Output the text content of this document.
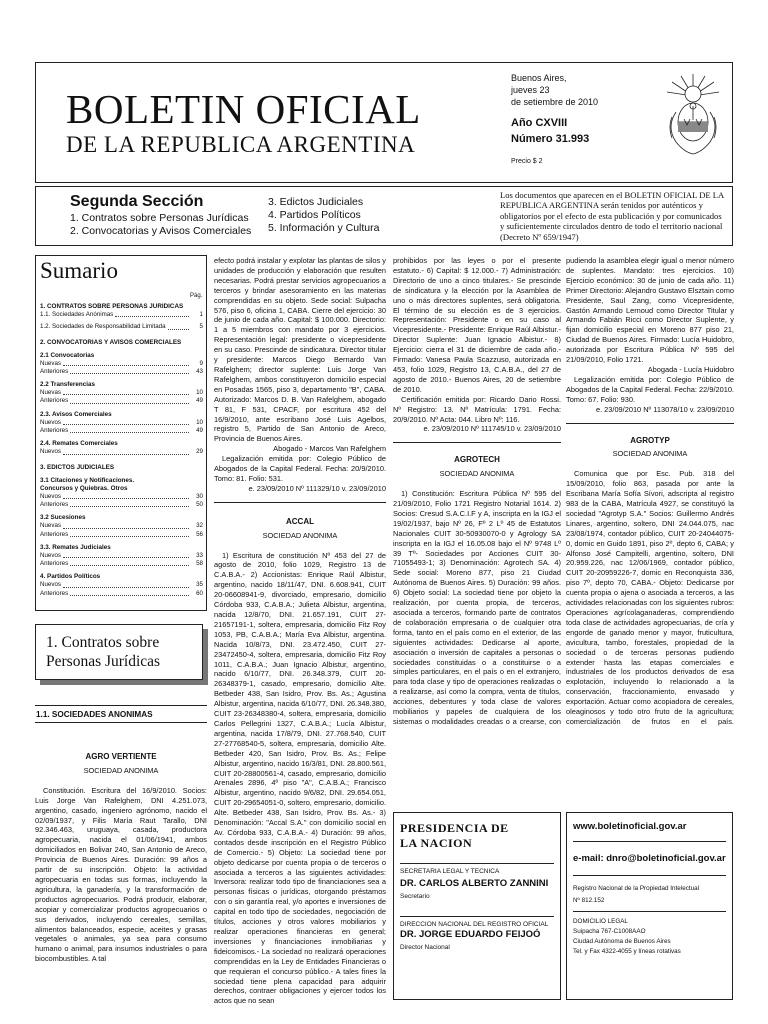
BOLETIN OFICIAL
DE LA REPUBLICA ARGENTINA
Buenos Aires,
jueves 23
de setiembre de 2010
Año CXVIII
Número 31.993
Precio $ 2
Segunda Sección
1. Contratos sobre Personas Jurídicas
2. Convocatorias y Avisos Comerciales
3. Edictos Judiciales
4. Partidos Políticos
5. Información y Cultura
Los documentos que aparecen en el BOLETIN OFICIAL DE LA REPUBLICA ARGENTINA serán tenidos por auténticos y obligatorios por el efecto de esta publicación y por comunicados y suficientemente circulados dentro de todo el territorio nacional (Decreto Nº 659/1947)
Sumario
Pág.
1. CONTRATOS SOBRE PERSONAS JURIDICAS
1.1. Sociedades Anónimas	1
1.2. Sociedades de Responsabilidad Limitada	5
2. CONVOCATORIAS Y AVISOS COMERCIALES
2.1 Convocatorias
Nuevas	9
Anteriores	43
2.2 Transferencias
Nuevas	10
Anteriores	49
2.3. Avisos Comerciales
Nuevos	10
Anteriores	49
2.4. Remates Comerciales
Nuevos	29
3. EDICTOS JUDICIALES
3.1 Citaciones y Notificaciones. Concursos y Quiebras. Otros
Nuevos	30
Anteriores	50
3.2 Sucesiones
Nuevas	32
Anteriores	56
3.3. Remates Judiciales
Nuevos	33
Anteriores	58
4. Partidos Políticos
Nuevos	35
Anteriores	60
1. Contratos sobre
Personas Jurídicas
1.1. SOCIEDADES ANONIMAS
AGRO VERTIENTE
SOCIEDAD ANONIMA

Constitución. Escritura del 16/9/2010. Socios: Luis Jorge Van Rafelghem, DNI 4.251.073, argentino, casado, ingeniero agrónomo, nacido el 02/09/1937, y Filis María Raut Tarallo, DNI 92.346.463, uruguaya, casada, productora agropecuaria, nacida el 01/06/1941, ambos domiciliados en Bolivar 240, San Antonio de Areco, Provincia de Buenos Aires. Duración: 99 años a partir de su inscripción. Objeto: la actividad agropecuaria en todas sus formas, incluyendo la agricultura, la ganadería, y la transformación de productos agropecuarios. Podrá producir, elaborar, acopiar y comercializar productos agropecuarios o sus derivados, incluyendo cereales, semillas, alimentos balanceados, especie, aceites y grasas vegetales o animales, ya sea para consumo humano o animal, para insumos industriales o para biocombustibles. A tal

efecto podrá instalar y explotar las plantas de silos y unidades de producción y elaboración que resulten necesarias. Podrá prestar servicios agropecuarios a terceros y brindar asesoramiento en las materias comprendidas en su objeto. Sede social: Sulpacha 576, piso 6, oficina 1, CABA. Cierre del ejercicio: 30 de junio de cada año. Capital: $ 100.000. Directorio: 1 a 5 miembros con mandato por 3 ejercicios. Representación legal: presidente o vicepresidente en su caso. Prescinde de sindicatura. Director titular y presidente: Marcos Diego Bernardo Van Rafelghem; director suplente: Luis Jorge Van Rafelghem, ambos constituyeron domicilio especial en Posadas 1565, piso 3, departamento "B", CABA. Autorizado: Marcos D. B. Van Rafelghem, abogado T 81, F 531, CPACF, por escritura 452 del 16/9/2010, ante escribano José Luis Agelbos, registro 5, Partido de San Antonio de Areco, Provincia de Buenos Aires.

Abogado - Marcos Van Rafelghem

Legalización emitida por: Colegio Público de Abogados de la Capital Federal. Fecha: 20/9/2010. Tomo: 81. Folio: 531.

e. 23/09/2010 Nº 111329/10 v. 23/09/2010

ACCAL
SOCIEDAD ANONIMA

1) Escritura de constitución Nº 453 del 27 de agosto de 2010, folio 1029, Registro 13 de C.A.B.A.- 2) Accionistas: Enrique Raúl Albistur, argentino, nacido 18/11/47, DNI. 6.608.941, CUIT 20-06608941-9, divorciado, empresario, domicilio Córdoba 933, C.A.B.A.; Julieta Albistur, argentina, nacida 12/8/70, DNI. 21.657.191, CUIT 27-21657191-1, soltera, empresaria, domicilio Fitz Roy 1053, PB, C.A.B.A.; María Eva Albistur, argentina. Nacida 10/8/73, DNI. 23.472.450, CUIT 27-23472450-4, soltera, empresaria, domicilio Fitz Roy 1011, C.A.B.A.; Juan Ignacio Albistur, argentino, nacido 6/10/77, DNI. 26.348.379, CUIT 20-26348379-1, casado, empresario, domicilio Alte. Betbeder 438, San Isidro, Prov. Bs. As.; Agustina Albistur, argentina, nacida 6/10/77, DNI. 26.348.380, CUIT 23-26348380-4, soltera, empresaria, domicilio Carlos Pellegrini 1327, C.A.B.A.; Lucía Albistur, argentina, nacida 17/8/79, DNI. 27.768.540, CUIT 27-27768540-5, soltera, empresaria, domicilio Alte. Betbeder 420, San Isidro, Prov. Bs. As.; Felipe Albistur, argentino, nacido 16/3/81, DNI. 28.800.561, CUIT 20-28800561-4, casado, empresario, domicilio Arenales 2896, 4º piso "A", C.A.B.A.; Francisco Albistur, argentino, nacido 9/6/82, DNI. 29.654.051, CUIT 20-29654051-0, soltero, empresario, domicilio. Alte. Betbeder 438, San Isidro, Prov. Bs. As.- 3) Denominación: "Accal S.A." con domicilio social en Av. Córdoba 933, C.A.B.A.- 4) Duración: 99 años, contados desde inscripción en el Registro Público de Comercio.- 5) Objeto: La sociedad tiene por objeto dedicarse por cuenta propia o de terceros o asociada a terceros a las siguientes actividades: Inversora: realizar todo tipo de financiaciones sea a personas físicas o jurídicas, otorgando préstamos con o sin garantía real, y/o aportes e inversiones de capital en todo tipo de sociedades, negociación de títulos, acciones y otros valores mobiliarios y realizar operaciones financieras en general; inversiones y financiaciones inmobiliarias y fideicomisos.- La sociedad no realizará operaciones comprendidas en la Ley de Entidades Financieras o que requieran el concurso público.- A tales fines la sociedad tiene plena capacidad para adquirir derechos, contraer obligaciones y ejercer todos los actos que no sean

prohibidos por las leyes o por el presente estatuto.- 6) Capital: $ 12.000.- 7) Administración: Directorio de uno a cinco titulares.- Se prescinde de sindicatura y la elección por la Asamblea de uno o más directores suplentes, será obligatoria. El término de su elección es de 3 ejercicios. Representación: Presidente o en su caso al Vicepresidente.- Presidente: Enrique Raúl Albistur.- Director Suplente: Juan Ignacio Albistur.- 8) Ejercicio: cierra el 31 de diciembre de cada año.- Firmado: Vanesa Paula Scazzuso, autorizada en 453, folio 1029, Registro 13, C.A.B.A., del 27 de agosto de 2010.- Buenos Aires, 20 de setiembre de 2010.

Certificación emitida por: Ricardo Dario Rossi. Nº Registro: 13. Nº Matrícula: 1791. Fecha: 20/9/2010. Nº Acta: 044. Libro Nº: 116.

e. 23/09/2010 Nº 111745/10 v. 23/09/2010

AGROTECH
SOCIEDAD ANONIMA

1) Constitución: Escritura Pública Nº 595 del 21/09/2010, Folio 1721 Registro Notarial 1614. 2) Socios: Cresud S.A.C.I.F y A, inscripta en la IGJ el 19/02/1937, bajo Nº 26, Fº 2 Lº 45 de Estatutos Nacionales CUIT 30-50930070-0 y Agrology SA inscripta en la IGJ el 16.05.08 bajo el Nº 9748 Lº 39 Tº- Sociedades por Acciones CUIT 30-71055493-1; 3) Denominación: Agrotech SA. 4) Sede social: Moreno 877, piso 21 Ciudad Autónoma de Buenos Aires. 5) Duración: 99 años. 6) Objeto social: La sociedad tiene por objeto la realización, por cuenta propia, de terceros, asociada a terceros, formando parte de contratos de colaboración empresaria o de cualquier otra forma, tanto en el país como en el exterior, de las siguientes actividades: Dedicarse al aporte, asociación o inversión de capitales a personas o sociedades constituidas o a constituirse o a simples particulares, en el país o en el extranjero, para toda clase y tipo de operaciones realizadas o a realizarse, así como la compra, venta de títulos, acciones, debentures y toda clase de valores mobiliarios y papeles de cualquiera de los sistemas o modalidades creadas o a crearse, con

pudiendo la asamblea elegir igual o menor número de suplentes. Mandato: tres ejercicios. 10) Ejercicio económico: 30 de junio de cada año. 11) Primer Directorio: Alejandro Gustavo Elsztain como Presidente, Saul Zang, como Vicepresidente, Gastón Armando Lernoud como Director Titular y Armando Fabián Ricci como Director Suplente, y fijan domicilio especial en Moreno 877 piso 21, Ciudad de Buenos Aires. Firmado: Lucía Huidobro, autorizada por Escritura Pública Nº 595 del 21/09/2010, Folio 1721.

Abogada - Lucía Huidobro

Legalización emitida por: Colegio Público de Abogados de la Capital Federal. Fecha: 22/9/2010. Tomo: 67. Folio: 930.

e. 23/09/2010 Nº 113078/10 v. 23/09/2010

AGROTYP
SOCIEDAD ANONIMA

Comunica que por Esc. Pub. 318 del 15/09/2010, folio 863, pasada por ante la Escribana María Sofía Sívori, adscripta al registro 983 de la CABA, Matrícula 4927, se constituyó la sociedad "Agrotyp S.A." Socios: Guillermo Andrés Linares, argentino, soltero, DNI 24.044.075, nac 23/08/1974, contador público, CUIT 20-24044075-0, domic en Guido 1891, piso 2º, depto 6, CABA; y Alfonso José Campitelli, argentino, soltero, DNI 20.959.226, nac 12/06/1969, contador público, CUIT 20-20959226-7, domic en Reconquista 336, piso 7º, depto 70, CABA.- Objeto: Dedicarse por cuenta propia o ajena o asociada a terceros, a las actividades relacionadas con los siguientes rubros: Operaciones agrícolaganaderas, comprendiendo toda clase de actividades agropecuarias, de cría y engorde de ganado menor y mayor, fruticultura, avicultura, tambo, forestales, propiedad de la sociedad o de terceras personas pudiendo extender hasta las etapas comerciales e industriales de los productos derivados de esa explotación, incluyendo lo relacionado a la conservación, fraccionamiento, envasado y exportación. Actuar como acopiadora de cereales, oleaginosos y todo otro fruto de la agricultura; comercialización de frutos en el país.

PRESIDENCIA DE
LA NACION
SECRETARIA LEGAL Y TECNICA
DR. CARLOS ALBERTO ZANNINI
Secretario
DIRECCION NACIONAL DEL REGISTRO OFICIAL
DR. JORGE EDUARDO FEIJOÓ
Director Nacional
www.boletinoficial.gov.ar
e-mail: dnro@boletinoficial.gov.ar
Registro Nacional de la Propiedad Intelectual
Nº 812.152
DOMICILIO LEGAL
Suipacha 767-C1008AAO
Ciudad Autónoma de Buenos Aires
Tel. y Fax 4322-4055 y líneas rotativas
